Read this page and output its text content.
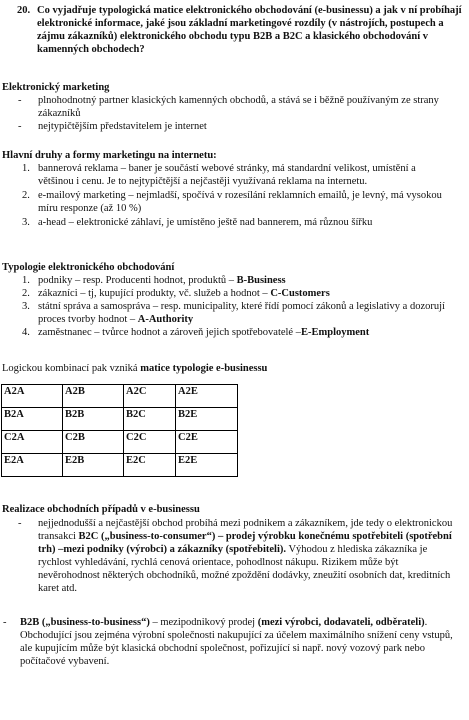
20. Co vyjadřuje typologická matice elektronického obchodování (e-businessu) a jak v ní probíhají elektronické informace, jaké jsou základní marketingové rozdíly (v nástrojích, postupech a zájmu zákazníků) elektronického obchodu typu B2B a B2C a klasického obchodování v kamenných obchodech?
Elektronický marketing
- plnohodnotný partner klasických kamenných obchodů, a stává se i běžně používaným ze strany zákazníků
- nejtypičtějším představitelem je internet
Hlavní druhy a formy marketingu na internetu:
1. bannerová reklama – baner je součástí webové stránky, má standardní velikost, umístění a většinou i cenu. Je to nejtypičtější a nejčastěji využívaná reklama na internetu.
2. e-mailový marketing – nejmladší, spočívá v rozesílání reklamních emailů, je levný, má vysokou míru responze (až 10 %)
3. a-head – elektronické záhlaví, je umístěno ještě nad bannerem, má různou šířku
Typologie elektronického obchodování
1. podniky – resp. Producenti hodnot, produktů – B-Business
2. zákazníci – tj, kupující produkty, vč. služeb a hodnot – C-Customers
3. státní správa a samospráva – resp. municipality, které řídí pomocí zákonů a legislativy a dozorují proces tvorby hodnot – A-Authority
4. zaměstnanec – tvůrce hodnot a zároveň jejich spotřebovatelé –E-Employment
Logickou kombinací pak vzniká matice typologie e-businessu
A2A	A2B	A2C	A2E
B2A	B2B	B2C	B2E
C2A	C2B	C2C	C2E
E2A	E2B	E2C	E2E
Realizace obchodních případů v e-businessu
- nejjednodušší a nejčastější obchod probíhá mezi podnikem a zákazníkem, jde tedy o elektronickou transakci B2C („business-to-consumer“) – prodej výrobku konečnému spotřebiteli (spotřební trh) –mezi podniky (výrobci) a zákazníky (spotřebiteli). Výhodou z hlediska zákazníka je rychlost vyhledávání, rychlá cenová orientace, pohodlnost nákupu. Rizikem může být nevěrohodnost některých obchodníků, možné zpoždění dodávky, zneužití osobních dat, kreditních karet atd.
- B2B („business-to-business“) – mezipodnikový prodej (mezi výrobci, dodavateli, odběrateli). Obchodující jsou zejména výrobní společnosti nakupující za účelem maximálního snížení ceny vstupů, ale kupujícím může být klasická obchodní společnost, pořizující si např. nový vozový park nebo počítačové vybavení.
